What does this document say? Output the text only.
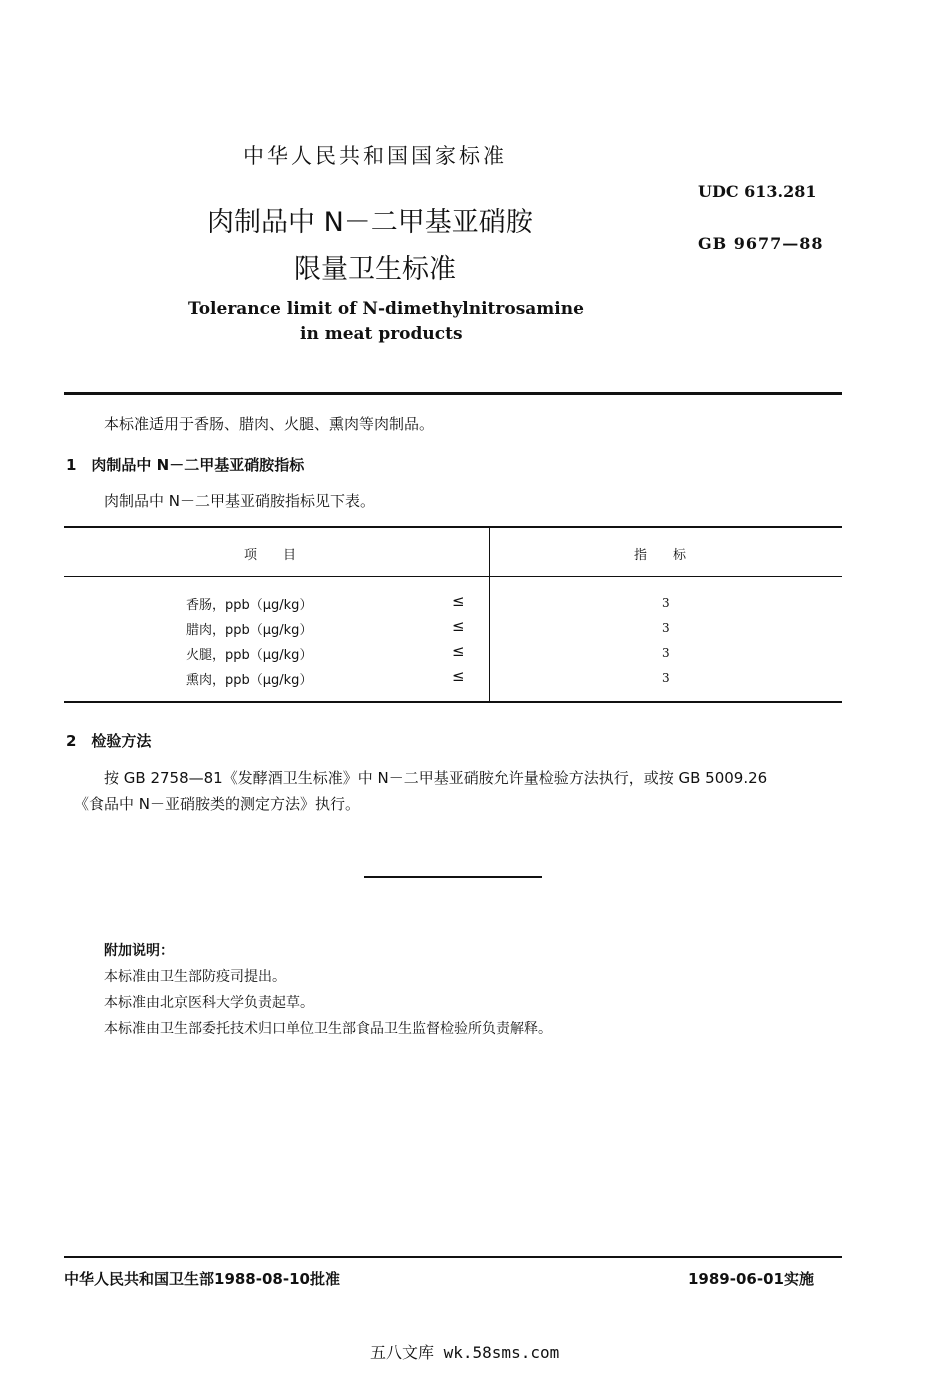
中华人民共和国国家标准
UDC 613.281
GB 9677—88
肉制品中 N－二甲基亚硝胺
限量卫生标准
Tolerance limit of N-dimethylnitrosamine
in meat products
本标准适用于香肠、腊肉、火腿、熏肉等肉制品。
1　肉制品中 N－二甲基亚硝胺指标
肉制品中 N－二甲基亚硝胺指标见下表。
项　　目	指　　标
香肠，ppb（μg/kg）	≤	3
腊肉，ppb（μg/kg）	≤	3
火腿，ppb（μg/kg）	≤	3
熏肉，ppb（μg/kg）	≤	3
2　检验方法
按 GB 2758—81《发酵酒卫生标准》中 N－二甲基亚硝胺允许量检验方法执行，或按 GB 5009.26
《食品中 N－亚硝胺类的测定方法》执行。
附加说明：
本标准由卫生部防疫司提出。
本标准由北京医科大学负责起草。
本标准由卫生部委托技术归口单位卫生部食品卫生监督检验所负责解释。
中华人民共和国卫生部1988-08-10批准	1989-06-01实施
五八文库 wk.58sms.com
